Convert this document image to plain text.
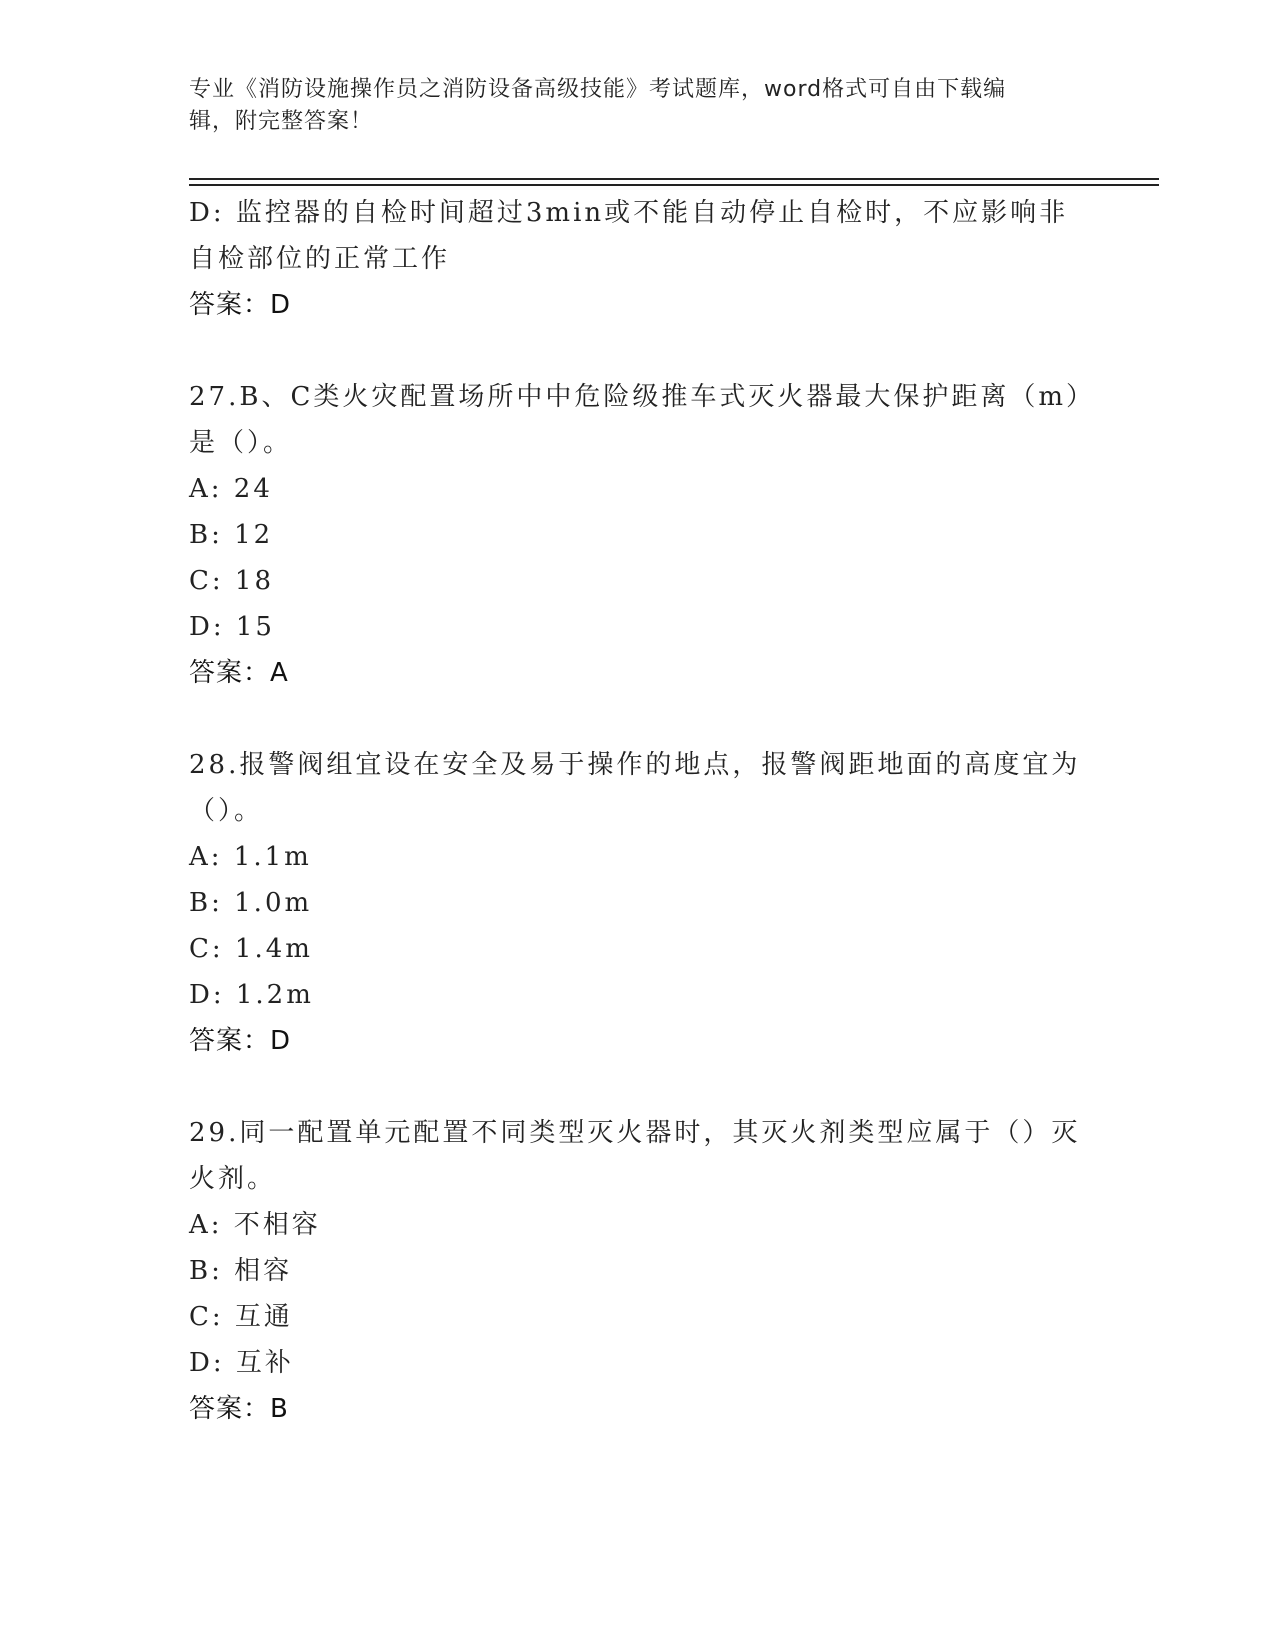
专业《消防设施操作员之消防设备高级技能》考试题库，word格式可自由下载编
辑，附完整答案！
D: 监控器的自检时间超过3min或不能自动停止自检时，不应影响非
自检部位的正常工作
答案：D
27.B、C类火灾配置场所中中危险级推车式灭火器最大保护距离（m）
是（）。
A: 24
B: 12
C: 18
D: 15
答案：A
28.报警阀组宜设在安全及易于操作的地点，报警阀距地面的高度宜为
（）。
A: 1.1m
B: 1.0m
C: 1.4m
D: 1.2m
答案：D
29.同一配置单元配置不同类型灭火器时，其灭火剂类型应属于（）灭
火剂。
A: 不相容
B: 相容
C: 互通
D: 互补
答案：B
